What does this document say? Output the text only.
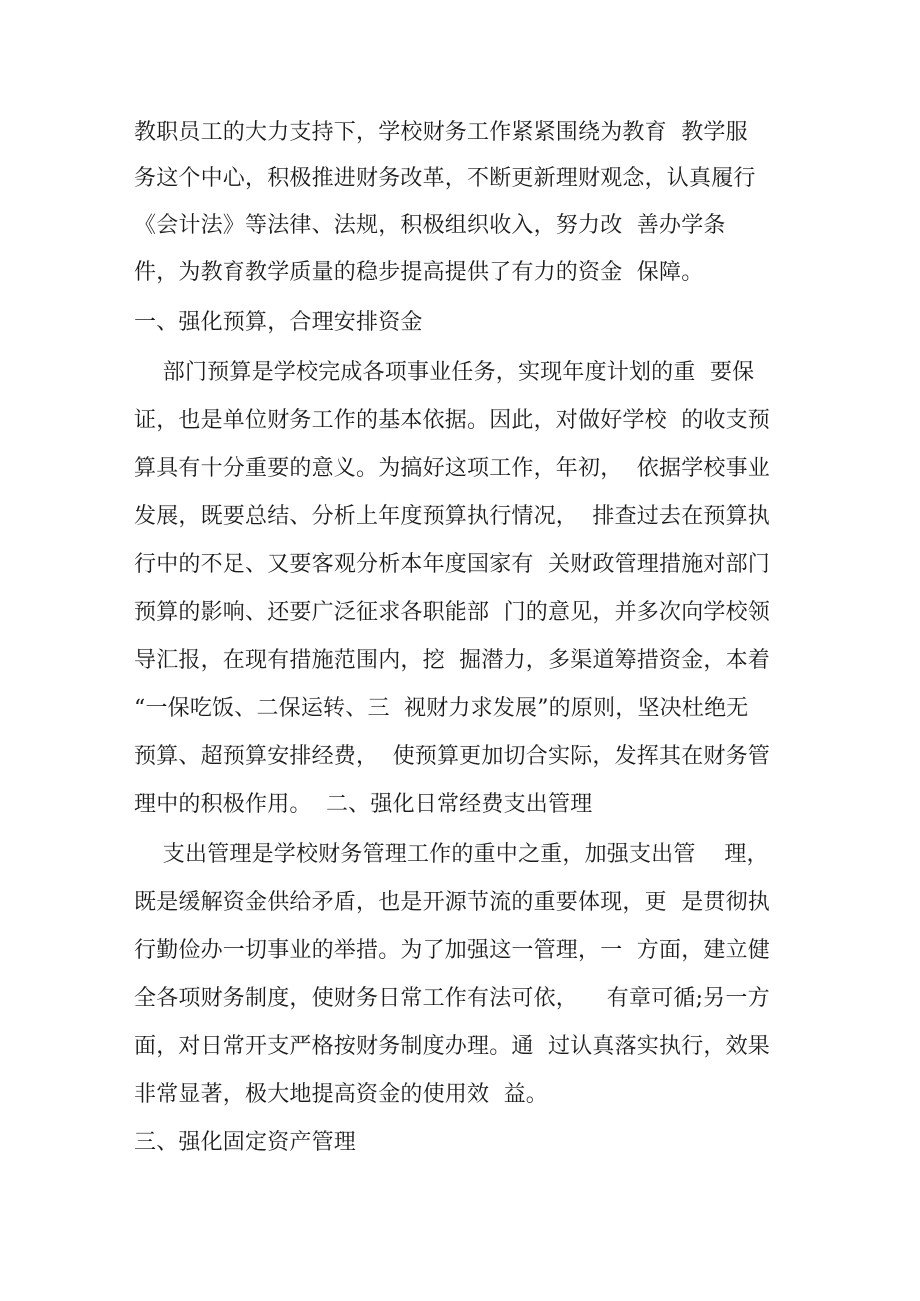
教职员工的大力支持下，学校财务工作紧紧围绕为教育  教学服
务这个中心，积极推进财务改革，不断更新理财观念，认真履行
《会计法》等法律、法规，积极组织收入，努力改  善办学条
件，为教育教学质量的稳步提高提供了有力的资金  保障。
一、强化预算，合理安排资金
部门预算是学校完成各项事业任务，实现年度计划的重  要保
证，也是单位财务工作的基本依据。因此，对做好学校  的收支预
算具有十分重要的意义。为搞好这项工作，年初，  依据学校事业
发展，既要总结、分析上年度预算执行情况，  排查过去在预算执
行中的不足、又要客观分析本年度国家有  关财政管理措施对部门
预算的影响、还要广泛征求各职能部  门的意见，并多次向学校领
导汇报，在现有措施范围内，挖  掘潜力，多渠道筹措资金，本着
“一保吃饭、二保运转、三  视财力求发展”的原则，坚决杜绝无
预算、超预算安排经费，  使预算更加切合实际，发挥其在财务管
理中的积极作用。  二、强化日常经费支出管理
支出管理是学校财务管理工作的重中之重，加强支出管    理，
既是缓解资金供给矛盾，也是开源节流的重要体现，更  是贯彻执
行勤俭办一切事业的举措。为了加强这一管理，一  方面，建立健
全各项财务制度，使财务日常工作有法可依，    有章可循;另一方
面，对日常开支严格按财务制度办理。通  过认真落实执行，效果
非常显著，极大地提高资金的使用效  益。
三、强化固定资产管理
